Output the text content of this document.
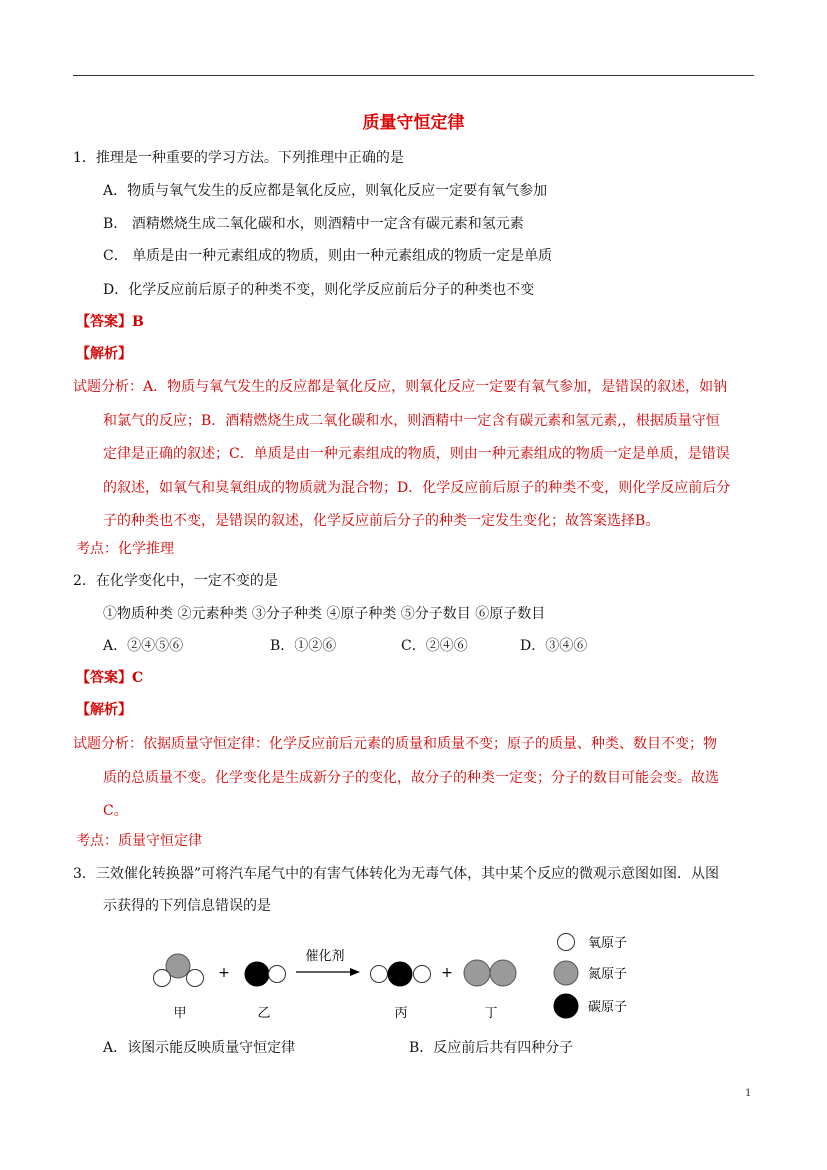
质量守恒定律
1．推理是一种重要的学习方法。下列推理中正确的是
A．物质与氧气发生的反应都是氧化反应，则氧化反应一定要有氧气参加
B． 酒精燃烧生成二氧化碳和水，则酒精中一定含有碳元素和氢元素
C． 单质是由一种元素组成的物质，则由一种元素组成的物质一定是单质
D．化学反应前后原子的种类不变，则化学反应前后分子的种类也不变
【答案】B
【解析】
试题分析：A．物质与氧气发生的反应都是氧化反应，则氧化反应一定要有氧气参加，是错误的叙述，如钠
和氯气的反应；B．酒精燃烧生成二氧化碳和水，则酒精中一定含有碳元素和氢元素,，根据质量守恒
定律是正确的叙述；C．单质是由一种元素组成的物质，则由一种元素组成的物质一定是单质，是错误
的叙述，如氧气和臭氧组成的物质就为混合物；D．化学反应前后原子的种类不变，则化学反应前后分
子的种类也不变，是错误的叙述，化学反应前后分子的种类一定发生变化；故答案选择B。
考点：化学推理
2．在化学变化中，一定不变的是
①物质种类 ②元素种类 ③分子种类 ④原子种类 ⑤分子数目 ⑥原子数目
A．②④⑤⑥	B．①②⑥	C．②④⑥	D．③④⑥
【答案】C
【解析】
试题分析：依据质量守恒定律：化学反应前后元素的质量和质量不变；原子的质量、种类、数目不变；物
质的总质量不变。化学变化是生成新分子的变化，故分子的种类一定变；分子的数目可能会变。故选
C。
考点：质量守恒定律
3．三效催化转换器”可将汽车尾气中的有害气体转化为无毒气体，其中某个反应的微观示意图如图．从图
示获得的下列信息错误的是
+
催化剂
+
甲	乙	丙	丁
氧原子
氮原子
碳原子
A．该图示能反映质量守恒定律	B．反应前后共有四种分子
1
